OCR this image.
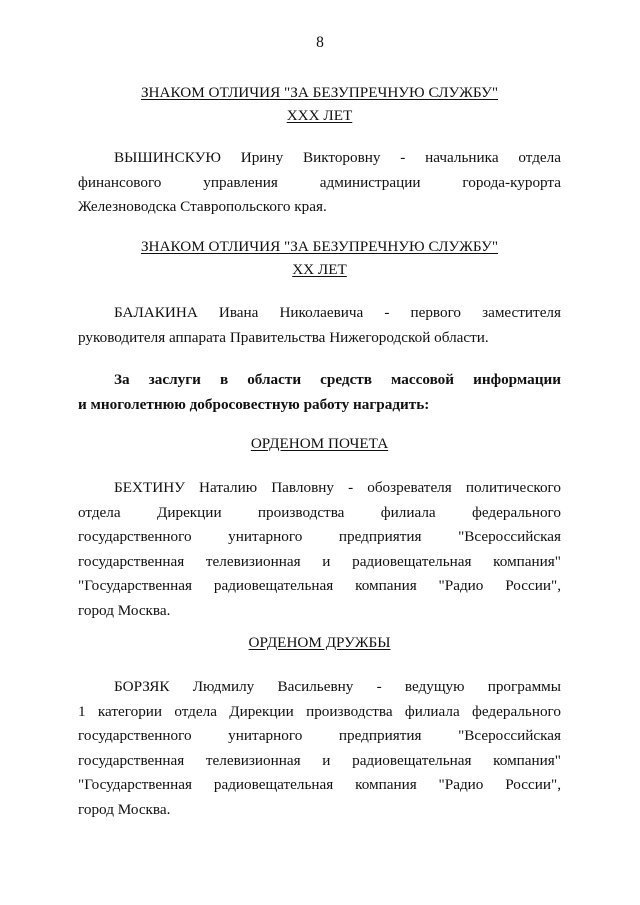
8
ЗНАКОМ ОТЛИЧИЯ "ЗА БЕЗУПРЕЧНУЮ СЛУЖБУ"
XXX ЛЕТ
ВЫШИНСКУЮ Ирину Викторовну - начальника отдела
финансового управления администрации города-курорта
Железноводска Ставропольского края.
ЗНАКОМ ОТЛИЧИЯ "ЗА БЕЗУПРЕЧНУЮ СЛУЖБУ"
XX ЛЕТ
БАЛАКИНА Ивана Николаевича - первого заместителя
руководителя аппарата Правительства Нижегородской области.
За заслуги в области средств массовой информации
и многолетнюю добросовестную работу наградить:
ОРДЕНОМ ПОЧЕТА
БЕХТИНУ Наталию Павловну - обозревателя политического
отдела Дирекции производства филиала федерального
государственного унитарного предприятия "Всероссийская
государственная телевизионная и радиовещательная компания"
"Государственная радиовещательная компания "Радио России",
город Москва.
ОРДЕНОМ ДРУЖБЫ
БОРЗЯК Людмилу Васильевну - ведущую программы
1 категории отдела Дирекции производства филиала федерального
государственного унитарного предприятия "Всероссийская
государственная телевизионная и радиовещательная компания"
"Государственная радиовещательная компания "Радио России",
город Москва.
